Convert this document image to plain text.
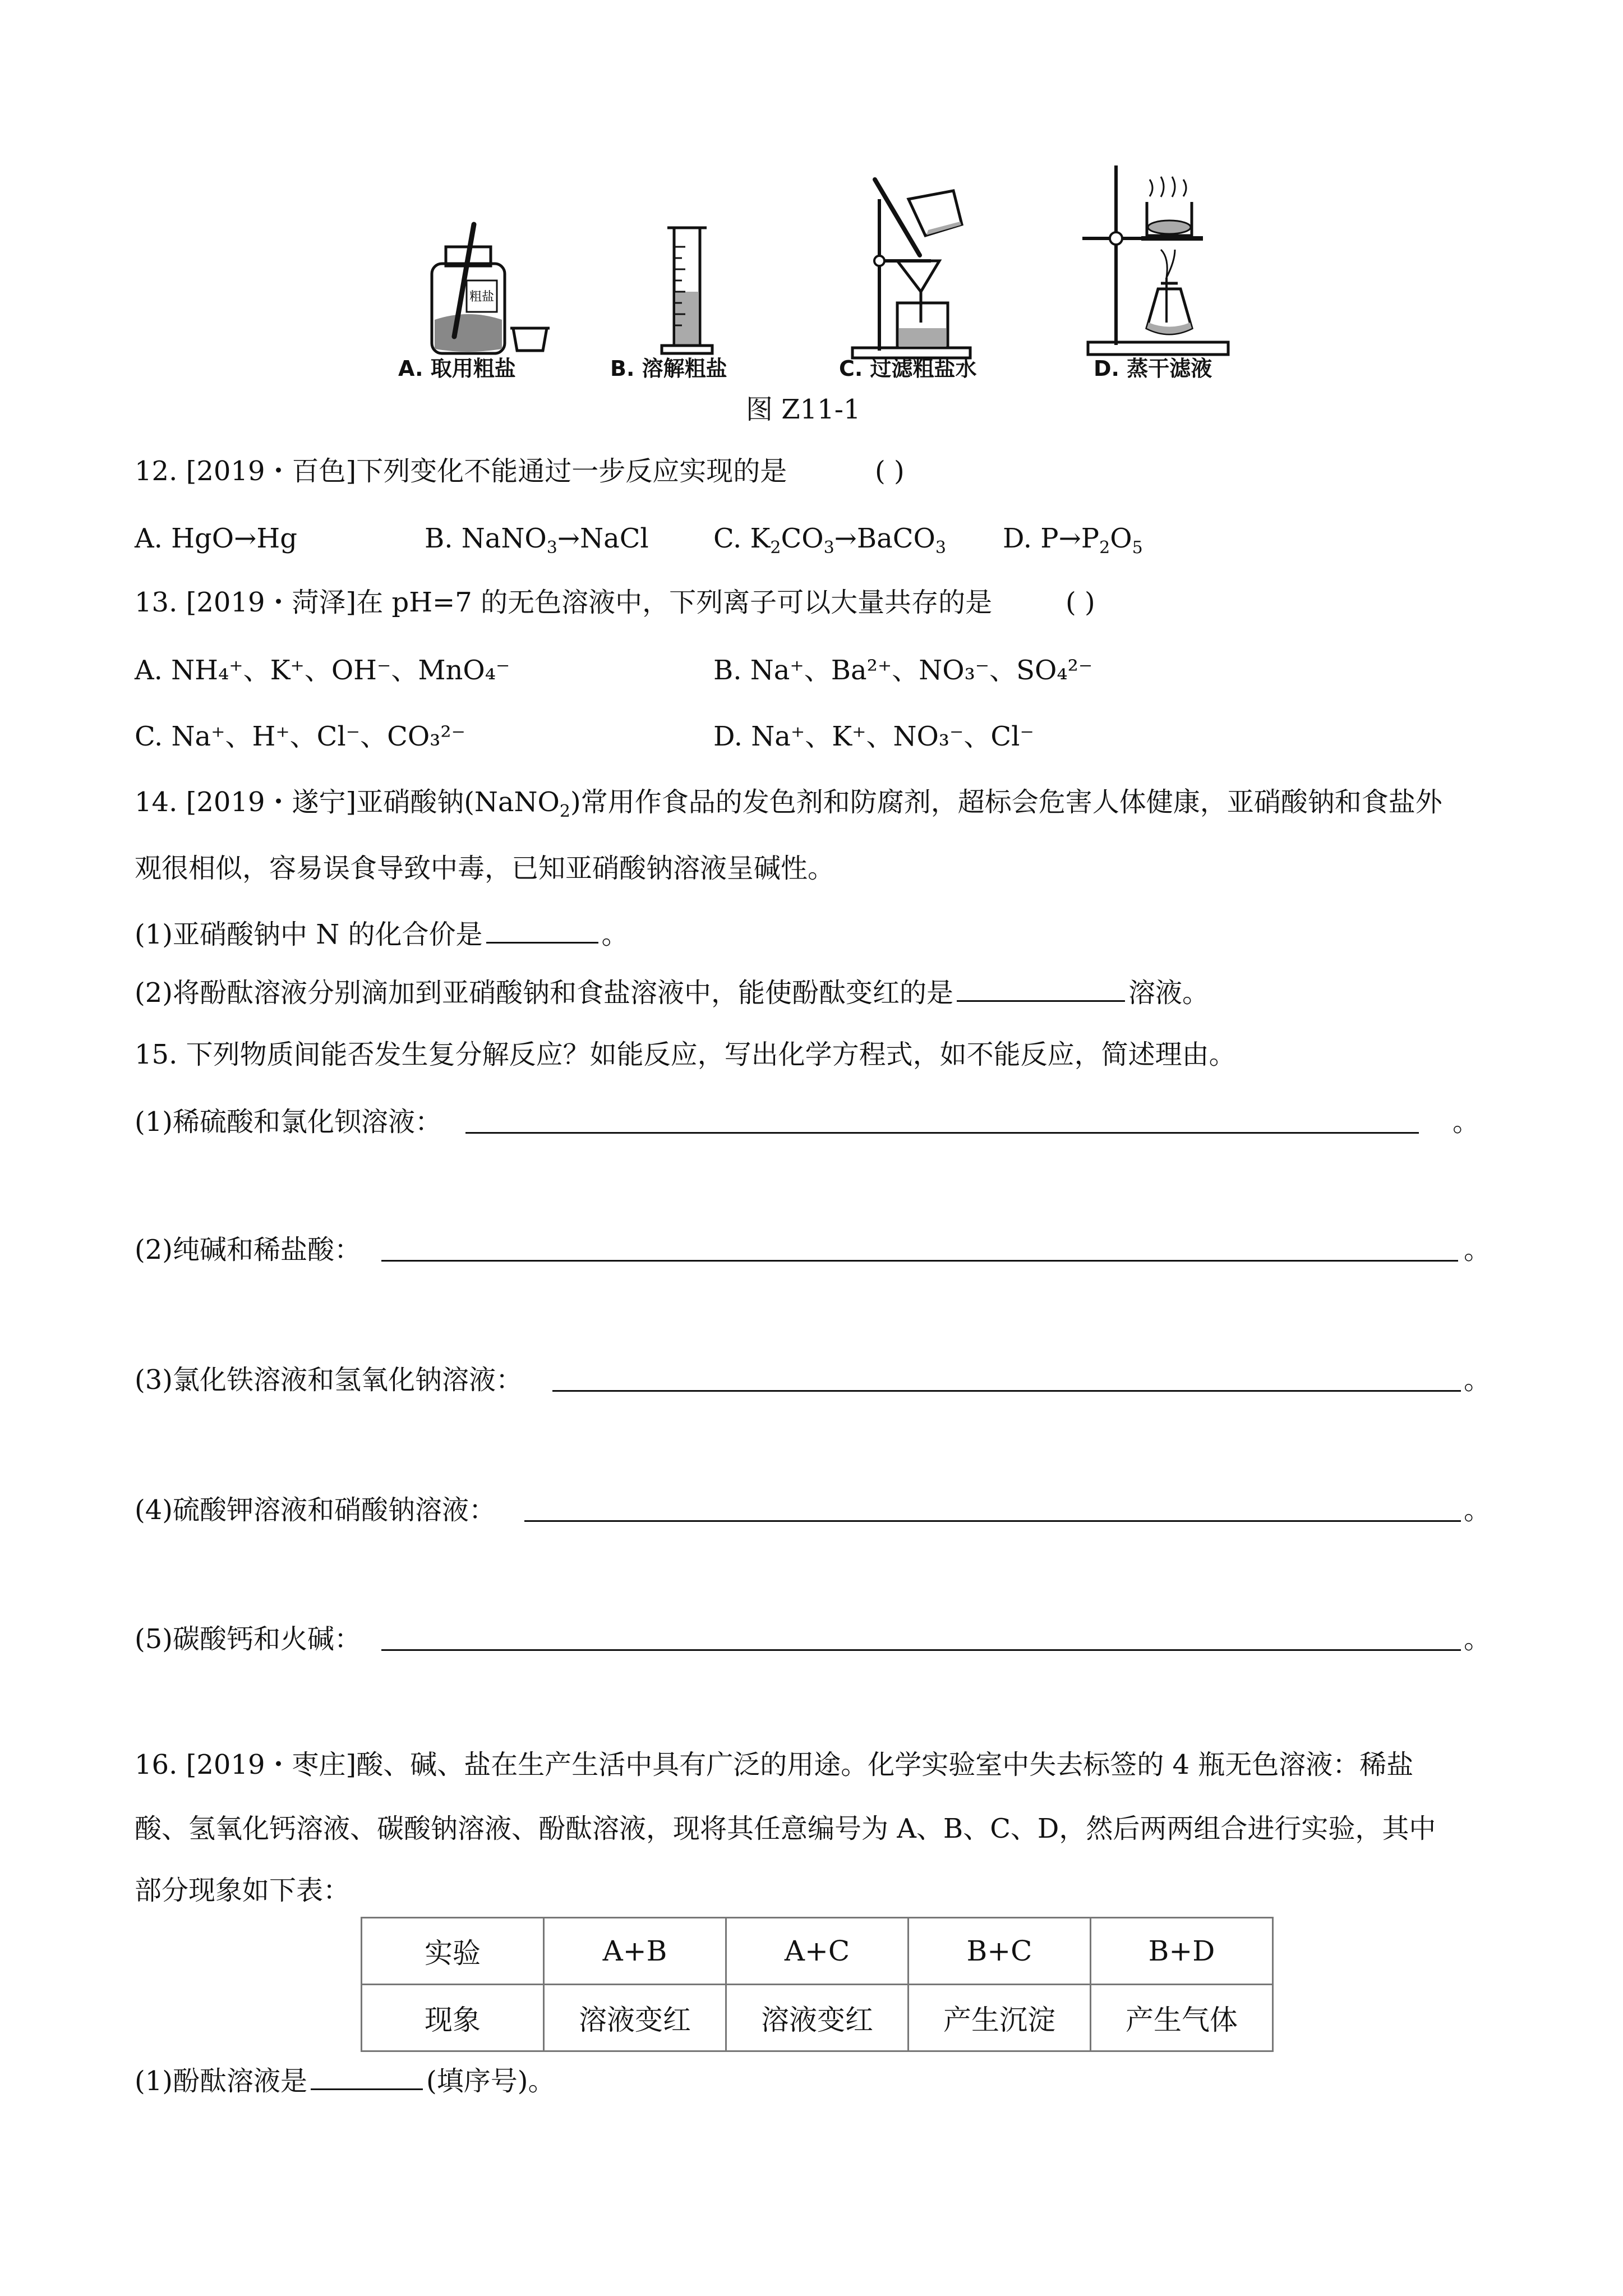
粗盐
A. 取用粗盐	B. 溶解粗盐	C. 过滤粗盐水	D. 蒸干滤液
图 Z11-1
12. [2019・百色]下列变化不能通过一步反应实现的是	( )
A. HgO→Hg	B. NaNO$_3$→NaCl C. $K_2CO_3\to BaCO_3$ D. $P\to P_2O_5$
13. [2019・菏泽]在 pH=7 的无色溶液中，下列离子可以大量共存的是	( )
A. NH₄⁺、K⁺、OH⁻、MnO₄⁻	B. Na⁺、Ba²⁺、NO₃⁻、SO₄²⁻
C. Na⁺、H⁺、Cl⁻、CO₃²⁻	D. Na⁺、K⁺、NO₃⁻、Cl⁻
14. [2019・遂宁]亚硝酸钠(NaNO$_2$)常用作食品的发色剂和防腐剂，超标会危害人体健康，亚硝酸钠和食盐外
观很相似，容易误食导致中毒，已知亚硝酸钠溶液呈碱性。
(1)亚硝酸钠中 N 的化合价是	。
(2)将酚酞溶液分别滴加到亚硝酸钠和食盐溶液中，能使酚酞变红的是	溶液。
15. 下列物质间能否发生复分解反应？如能反应，写出化学方程式，如不能反应，简述理由。
(1)稀硫酸和氯化钡溶液：	。
(2)纯碱和稀盐酸：	。
(3)氯化铁溶液和氢氧化钠溶液：	。
(4)硫酸钾溶液和硝酸钠溶液：	。
(5)碳酸钙和火碱：	。
16. [2019・枣庄]酸、碱、盐在生产生活中具有广泛的用途。化学实验室中失去标签的 4 瓶无色溶液：稀盐
酸、氢氧化钙溶液、碳酸钠溶液、酚酞溶液，现将其任意编号为 A、B、C、D，然后两两组合进行实验，其中
部分现象如下表：
实验	A+B	A+C	B+C	B+D
现象	溶液变红	溶液变红	产生沉淀	产生气体
(1)酚酞溶液是	(填序号)。
